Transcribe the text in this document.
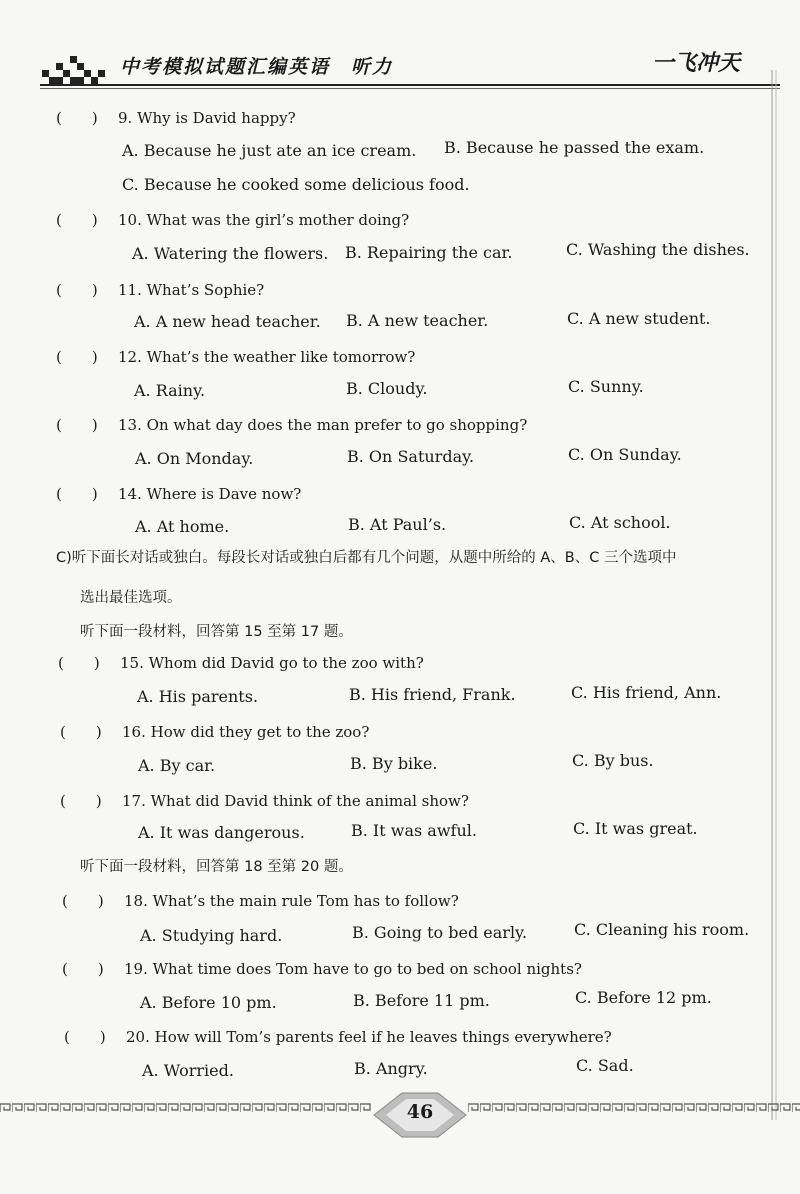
中考模拟试题汇编英语　听力	一飞冲天
(　　) 9. Why is David happy?
A. Because he just ate an ice cream. B. Because he passed the exam.
C. Because he cooked some delicious food.
(　　) 10. What was the girl’s mother doing?
A. Watering the flowers. B. Repairing the car.	C. Washing the dishes.
(　　) 11. What’s Sophie?
A. A new head teacher. B. A new teacher.	C. A new student.
(　　) 12. What’s the weather like tomorrow?
A. Rainy.	B. Cloudy.	C. Sunny.
(　　) 13. On what day does the man prefer to go shopping?
A. On Monday.	B. On Saturday.	C. On Sunday.
(　　) 14. Where is Dave now?
A. At home.	B. At Paul’s.	C. At school.
C)听下面长对话或独白。每段长对话或独白后都有几个问题，从题中所给的 A、B、C 三个选项中
选出最佳选项。
听下面一段材料，回答第 15 至第 17 题。
(　　) 15. Whom did David go to the zoo with?
A. His parents.	B. His friend, Frank.	C. His friend, Ann.
(　　) 16. How did they get to the zoo?
A. By car.	B. By bike.	C. By bus.
(　　) 17. What did David think of the animal show?
A. It was dangerous.	B. It was awful.	C. It was great.
听下面一段材料，回答第 18 至第 20 题。
(　　) 18. What’s the main rule Tom has to follow?
A. Studying hard.	B. Going to bed early.	C. Cleaning his room.
(　　) 19. What time does Tom have to go to bed on school nights?
A. Before 10 pm.	B. Before 11 pm.	C. Before 12 pm.
(　　) 20. How will Tom’s parents feel if he leaves things everywhere?
A. Worried.	B. Angry.	C. Sad.
46
